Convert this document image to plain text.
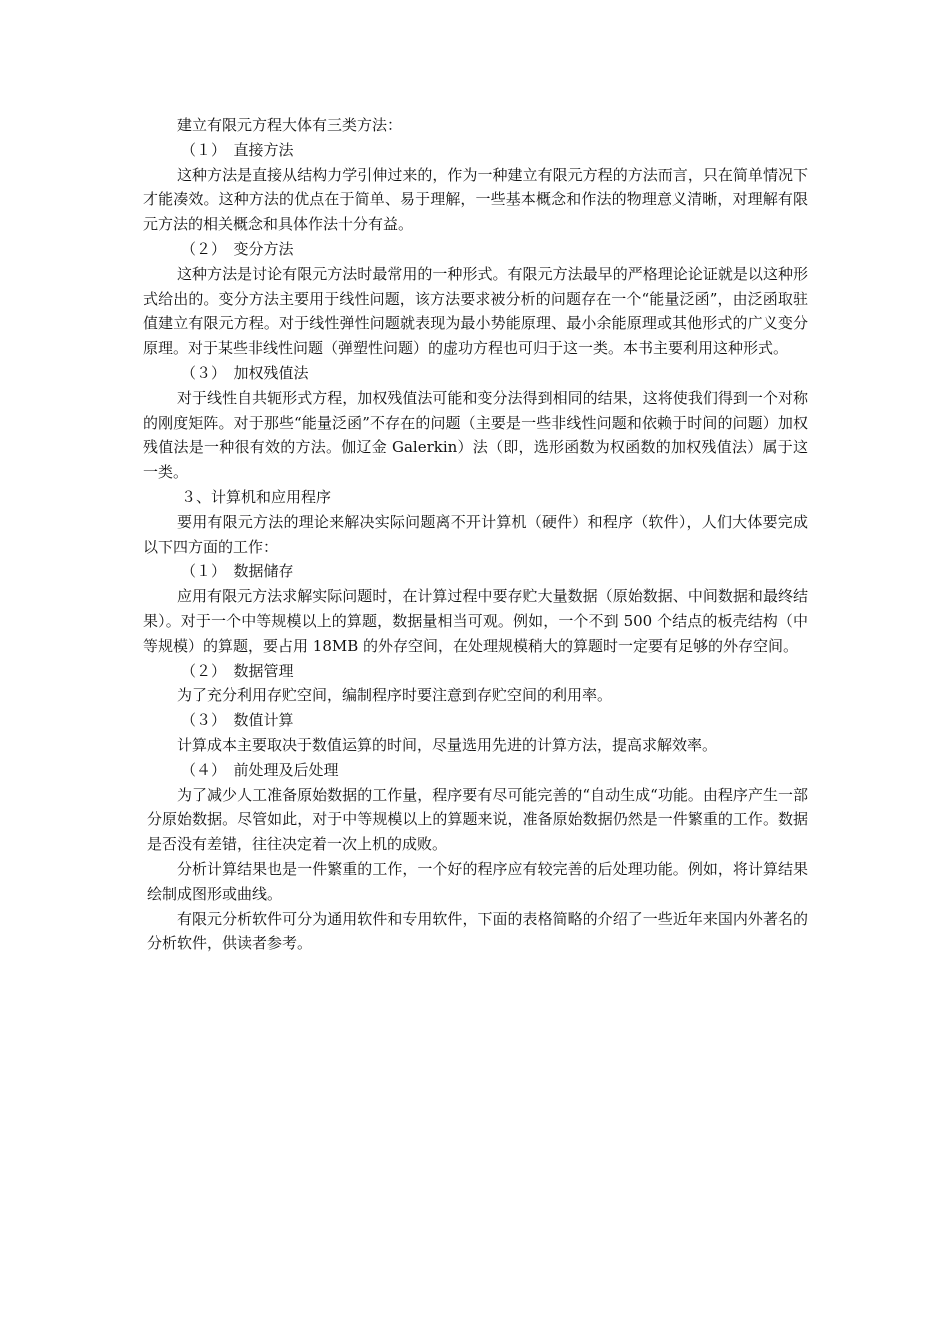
建立有限元方程大体有三类方法：

（１）　直接方法

这种方法是直接从结构力学引伸过来的，作为一种建立有限元方程的方法而言，只在简单情况下才能凑效。这种方法的优点在于简单、易于理解，一些基本概念和作法的物理意义清晰，对理解有限元方法的相关概念和具体作法十分有益。

（２）　变分方法

这种方法是讨论有限元方法时最常用的一种形式。有限元方法最早的严格理论论证就是以这种形式给出的。变分方法主要用于线性问题，该方法要求被分析的问题存在一个“能量泛函”，由泛函取驻值建立有限元方程。对于线性弹性问题就表现为最小势能原理、最小余能原理或其他形式的广义变分原理。对于某些非线性问题（弹塑性问题）的虚功方程也可归于这一类。本书主要利用这种形式。

（３）　加权残值法

对于线性自共轭形式方程，加权残值法可能和变分法得到相同的结果，这将使我们得到一个对称的刚度矩阵。对于那些“能量泛函”不存在的问题（主要是一些非线性问题和依赖于时间的问题）加权残值法是一种很有效的方法。伽辽金 Galerkin）法（即，选形函数为权函数的加权残值法）属于这一类。

３、计算机和应用程序

要用有限元方法的理论来解决实际问题离不开计算机（硬件）和程序（软件），人们大体要完成以下四方面的工作：

（１）　数据储存

应用有限元方法求解实际问题时，在计算过程中要存贮大量数据（原始数据、中间数据和最终结果）。对于一个中等规模以上的算题，数据量相当可观。例如，一个不到 500 个结点的板壳结构（中等规模）的算题，要占用 18MB 的外存空间，在处理规模稍大的算题时一定要有足够的外存空间。

（２）　数据管理

为了充分利用存贮空间，编制程序时要注意到存贮空间的利用率。

（３）　数值计算

计算成本主要取决于数值运算的时间，尽量选用先进的计算方法，提高求解效率。

（４）　前处理及后处理

为了减少人工准备原始数据的工作量，程序要有尽可能完善的“自动生成“功能。由程序产生一部分原始数据。尽管如此，对于中等规模以上的算题来说，准备原始数据仍然是一件繁重的工作。数据是否没有差错，往往决定着一次上机的成败。

分析计算结果也是一件繁重的工作，一个好的程序应有较完善的后处理功能。例如，将计算结果绘制成图形或曲线。

有限元分析软件可分为通用软件和专用软件，下面的表格简略的介绍了一些近年来国内外著名的分析软件，供读者参考。
